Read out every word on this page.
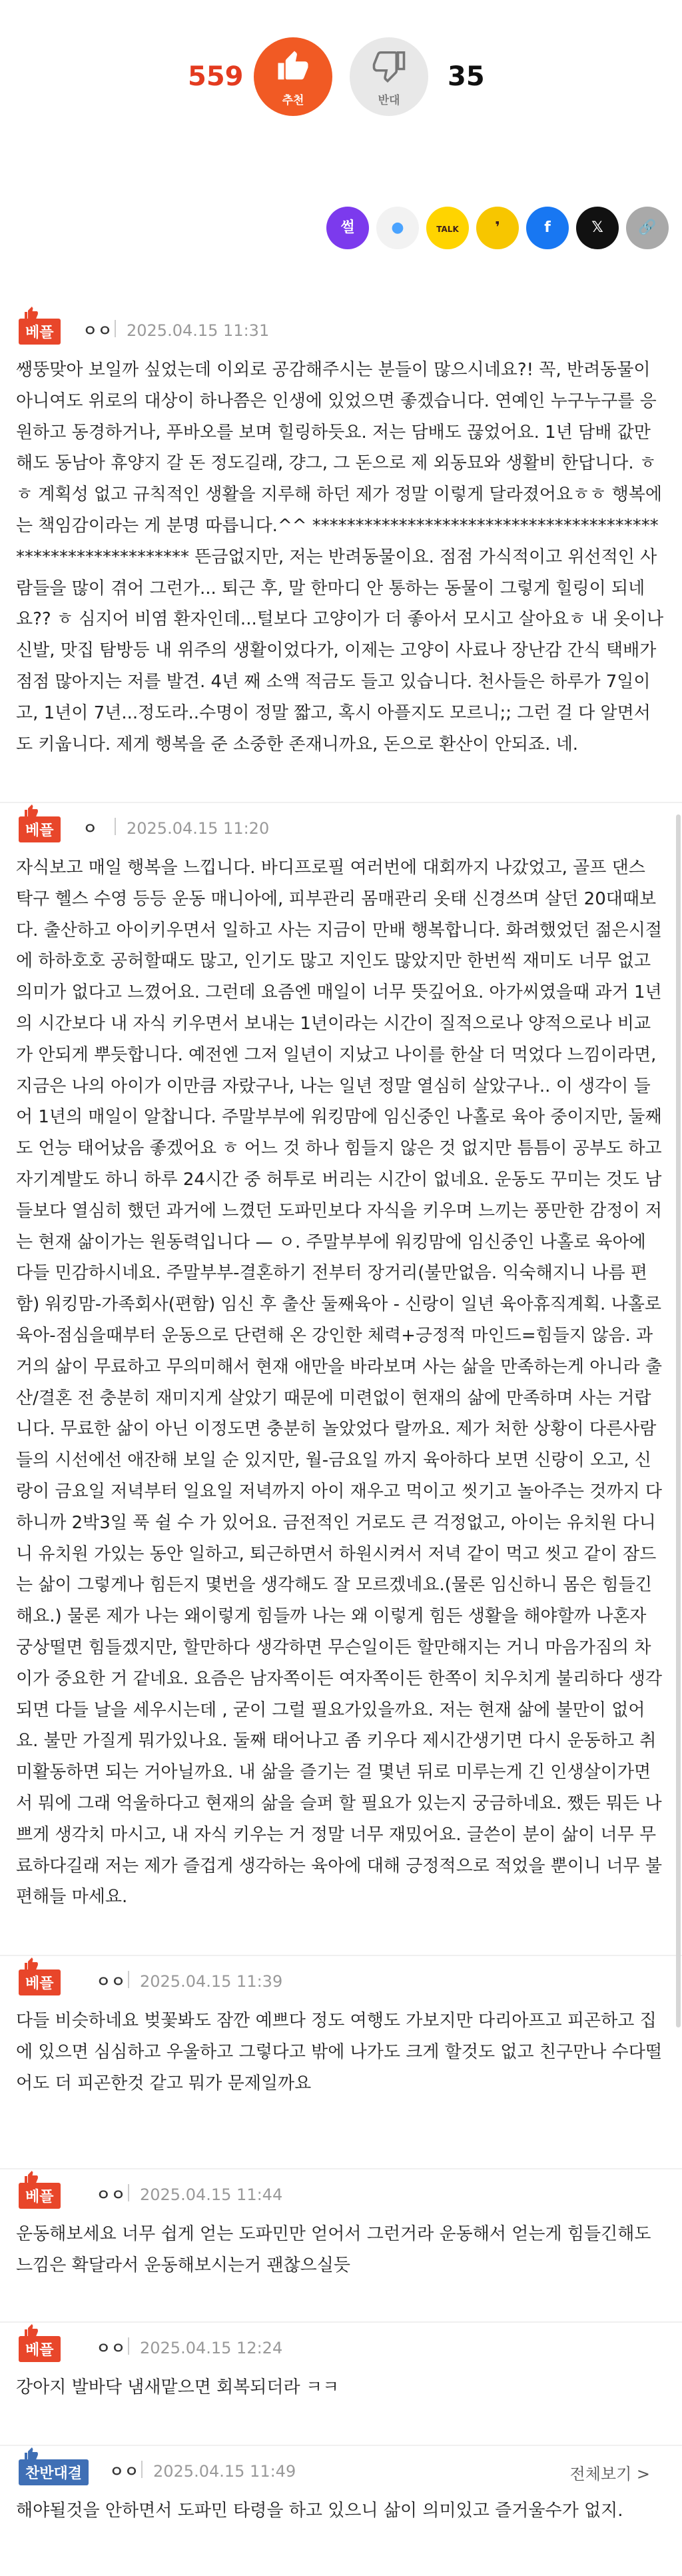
559
추천	반대
35
썰 ●	TALK ❜	f	𝕏 🔗
베플	ㅇㅇ 2025.04.15 11:31
쌩뚱맞아 보일까 싶었는데 이외로 공감해주시는 분들이 많으시네요?! 꼭, 반려동물이 아니여도 위로의 대상이 하나쯤은 인생에 있었으면 좋겠습니다. 연예인 누구누구를 응원하고 동경하거나, 푸바오를 보며 힐링하듯요. 저는 담배도 끊었어요. 1년 담배 값만해도 동남아 휴양지 갈 돈 정도길래, 걍그, 그 돈으로 제 외동묘와 생활비 한답니다. ㅎㅎ 계획성 없고 규칙적인 생활을 지루해 하던 제가 정말 이렇게 달라졌어요ㅎㅎ 행복에는 책임감이라는 게 분명 따릅니다.^^ ************************************************************ 뜬금없지만, 저는 반려동물이요. 점점 가식적이고 위선적인 사람들을 많이 겪어 그런가... 퇴근 후, 말 한마디 안 통하는 동물이 그렇게 힐링이 되네요?? ㅎ 심지어 비염 환자인데...털보다 고양이가 더 좋아서 모시고 살아요ㅎ 내 옷이나 신발, 맛집 탐방등 내 위주의 생활이었다가, 이제는 고양이 사료나 장난감 간식 택배가 점점 많아지는 저를 발견. 4년 째 소액 적금도 들고 있습니다. 천사들은 하루가 7일이고, 1년이 7년...정도라..수명이 정말 짧고, 혹시 아플지도 모르니;; 그런 걸 다 알면서도 키웁니다. 제게 행복을 준 소중한 존재니까요, 돈으로 환산이 안되죠. 네.
베플	ㅇ 2025.04.15 11:20
자식보고 매일 행복을 느낍니다. 바디프로필 여러번에 대회까지 나갔었고, 골프 댄스 탁구 헬스 수영 등등 운동 매니아에, 피부관리 몸매관리 옷태 신경쓰며 살던 20대때보다. 출산하고 아이키우면서 일하고 사는 지금이 만배 행복합니다. 화려했었던 젊은시절에 하하호호 공허할때도 많고, 인기도 많고 지인도 많았지만 한번씩 재미도 너무 없고 의미가 없다고 느꼈어요. 그런데 요즘엔 매일이 너무 뜻깊어요. 아가씨였을때 과거 1년의 시간보다 내 자식 키우면서 보내는 1년이라는 시간이 질적으로나 양적으로나 비교가 안되게 뿌듯합니다. 예전엔 그저 일년이 지났고 나이를 한살 더 먹었다 느낌이라면, 지금은 나의 아이가 이만큼 자랐구나, 나는 일년 정말 열심히 살았구나.. 이 생각이 들어 1년의 매일이 알찹니다. 주말부부에 워킹맘에 임신중인 나홀로 육아 중이지만, 둘째도 언능 태어났음 좋겠어요 ㅎ 어느 것 하나 힘들지 않은 것 없지만 틈틈이 공부도 하고 자기계발도 하니 하루 24시간 중 허투로 버리는 시간이 없네요. 운동도 꾸미는 것도 남들보다 열심히 했던 과거에 느꼈던 도파민보다 자식을 키우며 느끼는 풍만한 감정이 저는 현재 삶이가는 원동력입니다 — ㅇ. 주말부부에 워킹맘에 임신중인 나홀로 육아에 다들 민감하시네요. 주말부부-결혼하기 전부터 장거리(불만없음. 익숙해지니 나름 편함) 워킹맘-가족회사(편함) 임신 후 출산 둘째육아 - 신랑이 일년 육아휴직계획. 나홀로 육아-점심을때부터 운동으로 단련해 온 강인한 체력+긍정적 마인드=힘들지 않음. 과거의 삶이 무료하고 무의미해서 현재 애만을 바라보며 사는 삶을 만족하는게 아니라 출산/결혼 전 충분히 재미지게 살았기 때문에 미련없이 현재의 삶에 만족하며 사는 거랍니다. 무료한 삶이 아닌 이정도면 충분히 놀았었다 랄까요. 제가 처한 상황이 다른사람들의 시선에선 애잔해 보일 순 있지만, 월-금요일 까지 육아하다 보면 신랑이 오고, 신랑이 금요일 저녁부터 일요일 저녁까지 아이 재우고 먹이고 씻기고 놀아주는 것까지 다하니까 2박3일 푹 쉴 수 가 있어요. 금전적인 거로도 큰 걱정없고, 아이는 유치원 다니니 유치원 가있는 동안 일하고, 퇴근하면서 하원시켜서 저녁 같이 먹고 씻고 같이 잠드는 삶이 그렇게나 힘든지 몇번을 생각해도 잘 모르겠네요.(물론 임신하니 몸은 힘들긴 해요.) 물론 제가 나는 왜이렇게 힘들까 나는 왜 이렇게 힘든 생활을 해야할까 나혼자 궁상떨면 힘들겠지만, 할만하다 생각하면 무슨일이든 할만해지는 거니 마음가짐의 차이가 중요한 거 같네요. 요즘은 남자쪽이든 여자쪽이든 한쪽이 치우치게 불리하다 생각되면 다들 날을 세우시는데 , 굳이 그럴 필요가있을까요. 저는 현재 삶에 불만이 없어요. 불만 가질게 뭐가있나요. 둘째 태어나고 좀 키우다 제시간생기면 다시 운동하고 취미활동하면 되는 거아닐까요. 내 삶을 즐기는 걸 몇년 뒤로 미루는게 긴 인생살이가면서 뭐에 그래 억울하다고 현재의 삶을 슬퍼 할 필요가 있는지 궁금하네요. 쨌든 뭐든 나쁘게 생각치 마시고, 내 자식 키우는 거 정말 너무 재밌어요. 글쓴이 분이 삶이 너무 무료하다길래 저는 제가 즐겁게 생각하는 육아에 대해 긍정적으로 적었을 뿐이니 너무 불편해들 마세요.
베플	ㅇㅇ 2025.04.15 11:39
다들 비슷하네요 벚꽃봐도 잠깐 예쁘다 정도 여행도 가보지만 다리아프고 피곤하고 집에 있으면 심심하고 우울하고 그렇다고 밖에 나가도 크게 할것도 없고 친구만나 수다떨어도 더 피곤한것 같고 뭐가 문제일까요
베플	ㅇㅇ 2025.04.15 11:44
운동해보세요 너무 쉽게 얻는 도파민만 얻어서 그런거라 운동해서 얻는게 힘들긴해도 느낌은 확달라서 운동해보시는거 괜찮으실듯
베플	ㅇㅇ 2025.04.15 12:24
강아지 발바닥 냄새맡으면 회복되더라 ㅋㅋ
찬반대결	ㅇㅇ 2025.04.15 11:49	전체보기 >
해야될것을 안하면서 도파민 타령을 하고 있으니 삶이 의미있고 즐거울수가 없지.
